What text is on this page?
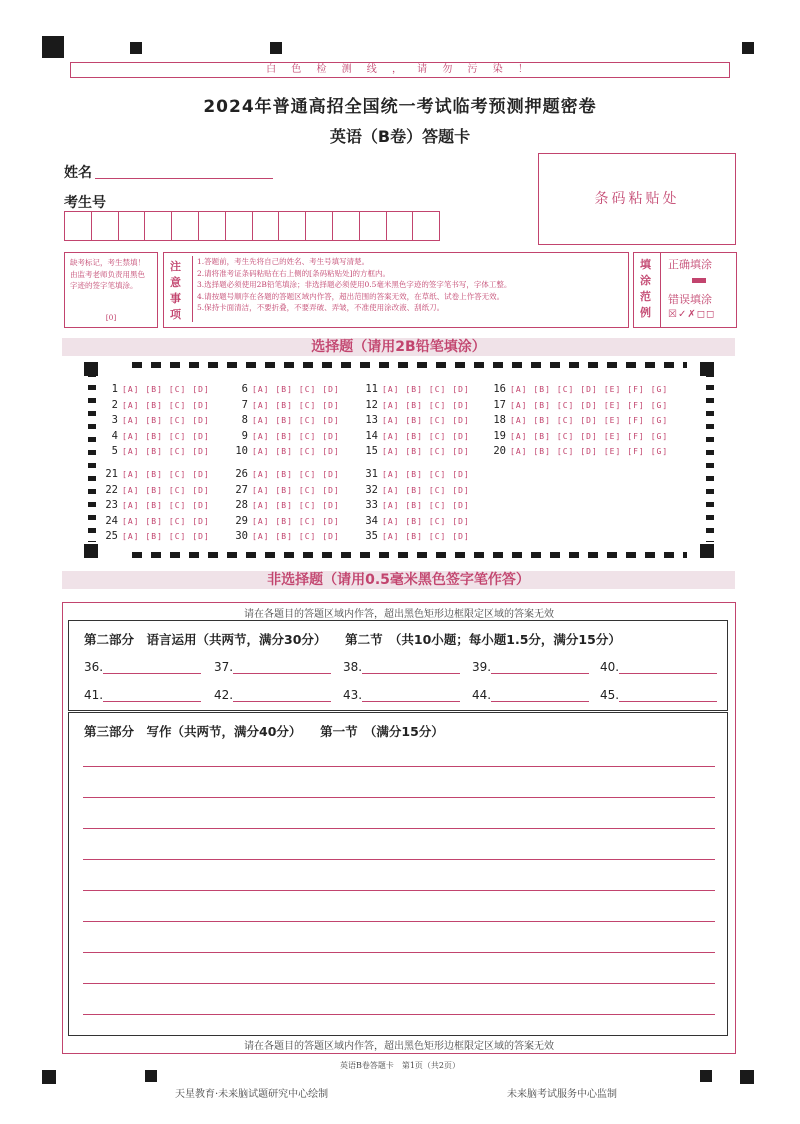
白 色 检 测 线 ， 请 勿 污 染 ！
2024年普通高招全国统一考试临考预测押题密卷
英语（B卷）答题卡
姓名
考生号	条码粘贴处
缺考标记，考生禁填！由监考老师负责用黑色字迹的签字笔填涂。
[0]
注
意
事
项
1.答题前，考生先将自己的姓名、考生号填写清楚。
2.请将准考证条码粘贴在右上侧的[条码粘贴处]的方框内。
3.选择题必须使用2B铅笔填涂；非选择题必须使用0.5毫米黑色字迹的签字笔书写，字体工整。
4.请按题号顺序在各题的答题区域内作答，超出范围的答案无效，在草纸、试卷上作答无效。
5.保持卡面清洁，不要折叠，不要弄破、弄皱，不准使用涂改液、刮纸刀。
填
涂
范
例
正确填涂
错误填涂
☒✓✗◻◻
选择题（请用2B铅笔填涂）
1 [A] [B] [C] [D]
2 [A] [B] [C] [D]
3 [A] [B] [C] [D]
4 [A] [B] [C] [D]
5 [A] [B] [C] [D]
6 [A] [B] [C] [D]
7 [A] [B] [C] [D]
8 [A] [B] [C] [D]
9 [A] [B] [C] [D]
10 [A] [B] [C] [D]
11 [A] [B] [C] [D]
12 [A] [B] [C] [D]
13 [A] [B] [C] [D]
14 [A] [B] [C] [D]
15 [A] [B] [C] [D]
16 [A] [B] [C] [D] [E] [F] [G]
17 [A] [B] [C] [D] [E] [F] [G]
18 [A] [B] [C] [D] [E] [F] [G]
19 [A] [B] [C] [D] [E] [F] [G]
20 [A] [B] [C] [D] [E] [F] [G]
21 [A] [B] [C] [D]
22 [A] [B] [C] [D]
23 [A] [B] [C] [D]
24 [A] [B] [C] [D]
25 [A] [B] [C] [D]
26 [A] [B] [C] [D]
27 [A] [B] [C] [D]
28 [A] [B] [C] [D]
29 [A] [B] [C] [D]
30 [A] [B] [C] [D]
31 [A] [B] [C] [D]
32 [A] [B] [C] [D]
33 [A] [B] [C] [D]
34 [A] [B] [C] [D]
35 [A] [B] [C] [D]
非选择题（请用0.5毫米黑色签字笔作答）
请在各题目的答题区域内作答，超出黑色矩形边框限定区域的答案无效
第二部分　语言运用（共两节，满分30分）　　第二节　（共10小题；每小题1.5分，满分15分）
36.	37.	38.	39.	40.
41.	42.	43.	44.	45.
第三部分　写作（共两节，满分40分）　　第一节　（满分15分）
请在各题目的答题区域内作答，超出黑色矩形边框限定区域的答案无效
英语B卷答题卡　第1页（共2页）
天星教育·未来脑试题研究中心绘制	未来脑考试服务中心监制
